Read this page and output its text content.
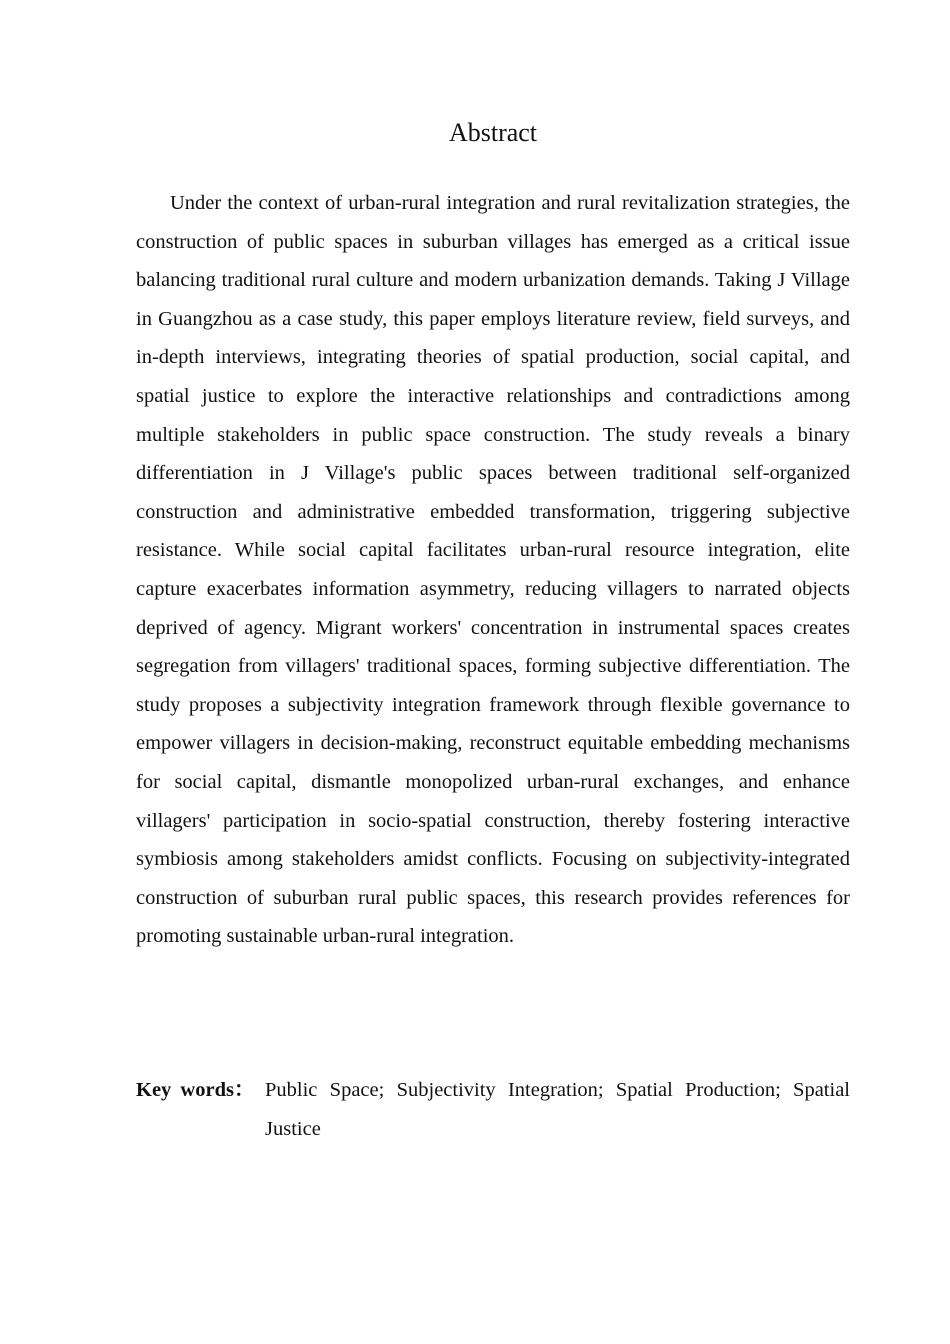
Abstract

Under the context of urban-rural integration and rural revitalization strategies, the construction of public spaces in suburban villages has emerged as a critical issue balancing traditional rural culture and modern urbanization demands. Taking J Village in Guangzhou as a case study, this paper employs literature review, field surveys, and in-depth interviews, integrating theories of spatial production, social capital, and spatial justice to explore the interactive relationships and contradictions among multiple stakeholders in public space construction. The study reveals a binary differentiation in J Village's public spaces between traditional self-organized construction and administrative embedded transformation, triggering subjective resistance. While social capital facilitates urban-rural resource integration, elite capture exacerbates information asymmetry, reducing villagers to narrated objects deprived of agency. Migrant workers' concentration in instrumental spaces creates segregation from villagers' traditional spaces, forming subjective differentiation. The study proposes a subjectivity integration framework through flexible governance to empower villagers in decision-making, reconstruct equitable embedding mechanisms for social capital, dismantle monopolized urban-rural exchanges, and enhance villagers' participation in socio-spatial construction, thereby fostering interactive symbiosis among stakeholders amidst conflicts. Focusing on subjectivity-integrated construction of suburban rural public spaces, this research provides references for promoting sustainable urban-rural integration.

Key words： Public Space; Subjectivity Integration; Spatial Production; Spatial Justice
